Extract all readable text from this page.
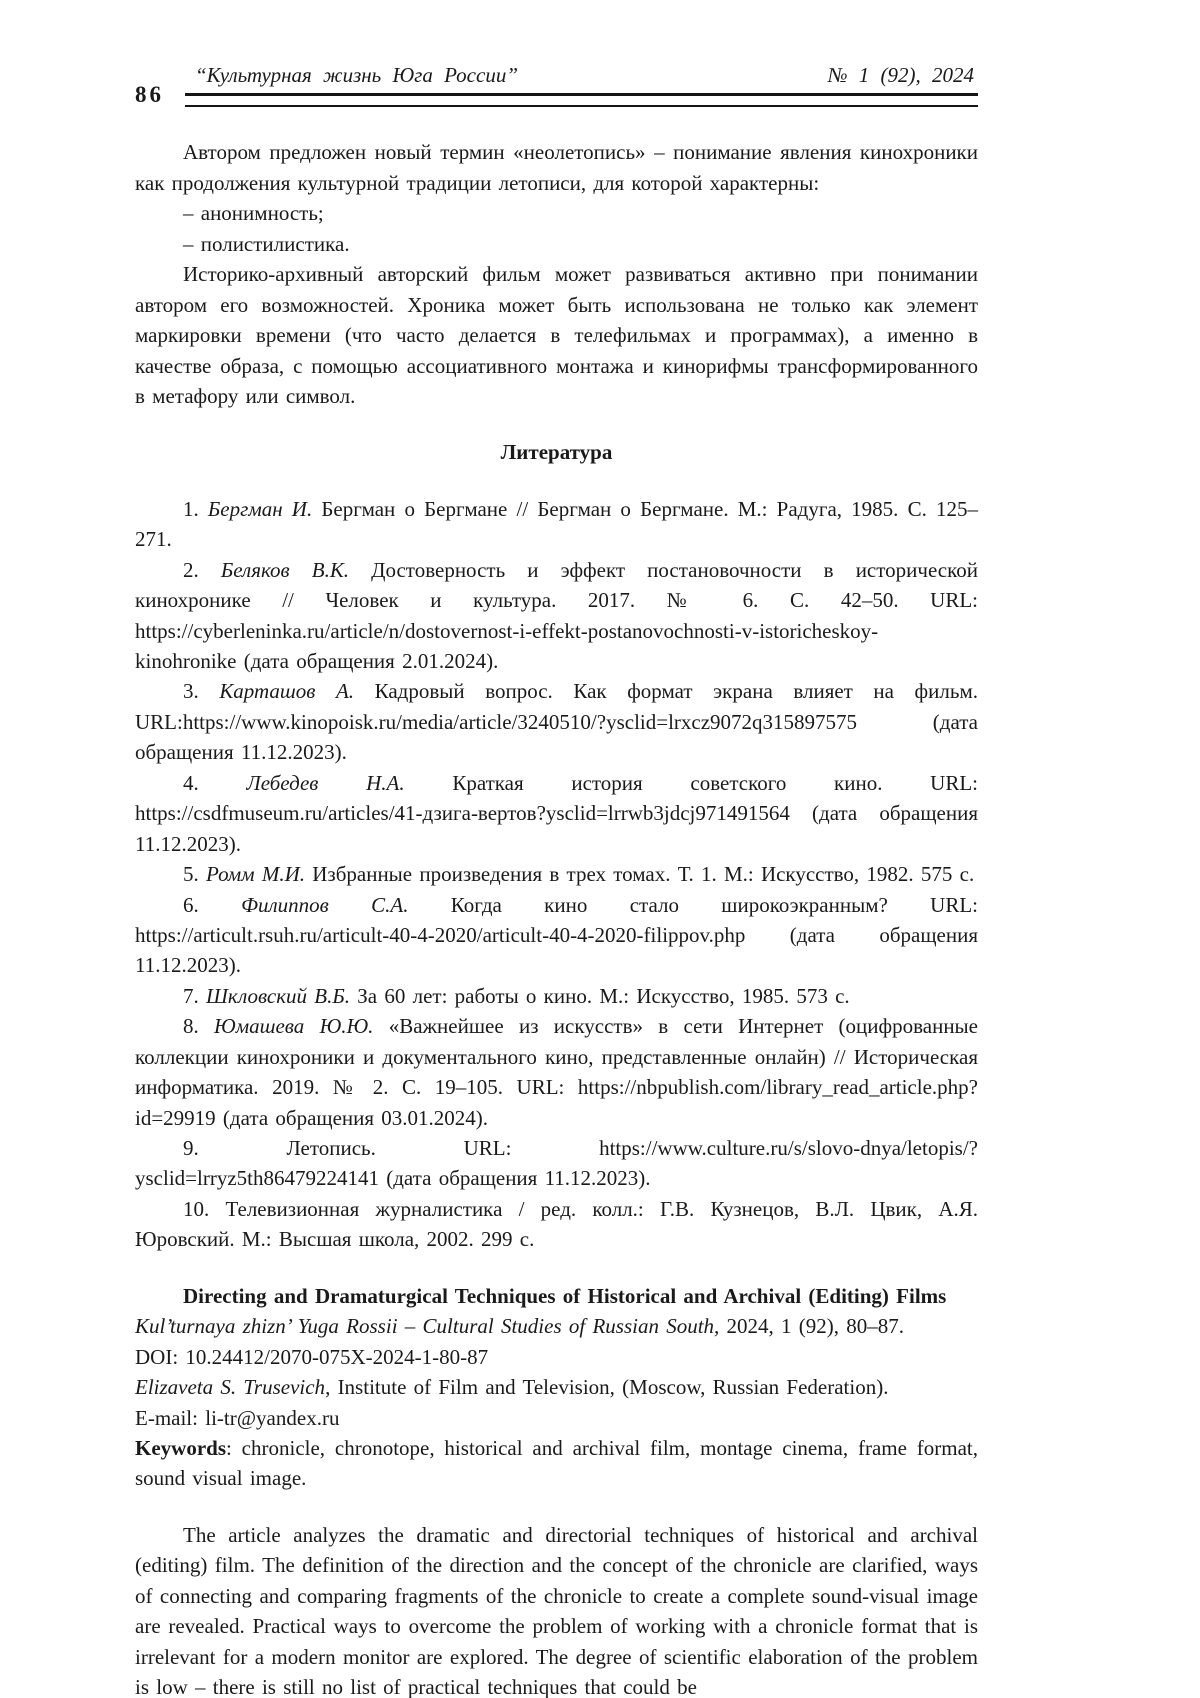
86
“Культурная жизнь Юга России”	№ 1 (92), 2024

Автором предложен новый термин «неолетопись» – понимание явления кинохроники как продолжения культурной традиции летописи, для которой характерны:

– анонимность;

– полистилистика.

Историко-архивный авторский фильм может развиваться активно при понимании автором его возможностей. Хроника может быть использована не только как элемент маркировки времени (что часто делается в телефильмах и программах), а именно в качестве образа, с помощью ассоциативного монтажа и кинорифмы трансформированного в метафору или символ.

Литература

1. Бергман И. Бергман о Бергмане // Бергман о Бергмане. М.: Радуга, 1985. С. 125–271.

2. Беляков В.К. Достоверность и эффект постановочности в исторической кинохронике // Человек и культура. 2017. № 6. С. 42–50. URL: https://cyberleninka.ru/article/n/dostovernost-i-effekt-postanovochnosti-v-istoricheskoy-kinohronike (дата обращения 2.01.2024).

3. Карташов А. Кадровый вопрос. Как формат экрана влияет на фильм. URL:https://www.kinopoisk.ru/media/article/3240510/?ysclid=lrxcz9072q315897575 (дата обращения 11.12.2023).

4. Лебедев Н.А. Краткая история советского кино. URL: https://csdfmuseum.ru/articles/41-дзига-вертов?ysclid=lrrwb3jdcj971491564 (дата обращения 11.12.2023).

5. Ромм М.И. Избранные произведения в трех томах. Т. 1. М.: Искусство, 1982. 575 с.

6. Филиппов С.А. Когда кино стало широкоэкранным? URL: https://articult.rsuh.ru/articult-40-4-2020/articult-40-4-2020-filippov.php (дата обращения 11.12.2023).

7. Шкловский В.Б. За 60 лет: работы о кино. М.: Искусство, 1985. 573 с.

8. Юмашева Ю.Ю. «Важнейшее из искусств» в сети Интернет (оцифрованные коллекции кинохроники и документального кино, представленные онлайн) // Историческая информатика. 2019. № 2. С. 19–105. URL: https://nbpublish.com/library_read_article.php?id=29919 (дата обращения 03.01.2024).

9.	Летопись. URL: https://www.culture.ru/s/slovo-dnya/letopis/?ysclid=lrryz5th86479224141 (дата обращения 11.12.2023).

10. Телевизионная журналистика / ред. колл.: Г.В. Кузнецов, В.Л. Цвик, А.Я. Юровский. М.: Высшая школа, 2002. 299 с.

Directing and Dramaturgical Techniques of Historical and Archival (Editing) Films

Kul’turnaya zhizn’ Yuga Rossii – Cultural Studies of Russian South, 2024, 1 (92), 80–87.

DOI: 10.24412/2070-075X-2024-1-80-87

Elizaveta S. Trusevich, Institute of Film and Television, (Moscow, Russian Federation).

E-mail: li-tr@yandex.ru

Keywords: chronicle, chronotope, historical and archival film, montage cinema, frame format, sound visual image.

The article analyzes the dramatic and directorial techniques of historical and archival (editing) film. The definition of the direction and the concept of the chronicle are clarified, ways of connecting and comparing fragments of the chronicle to create a complete sound-visual image are revealed. Practical ways to overcome the problem of working with a chronicle format that is irrelevant for a modern monitor are explored. The degree of scientific elaboration of the problem is low – there is still no list of practical techniques that could be
